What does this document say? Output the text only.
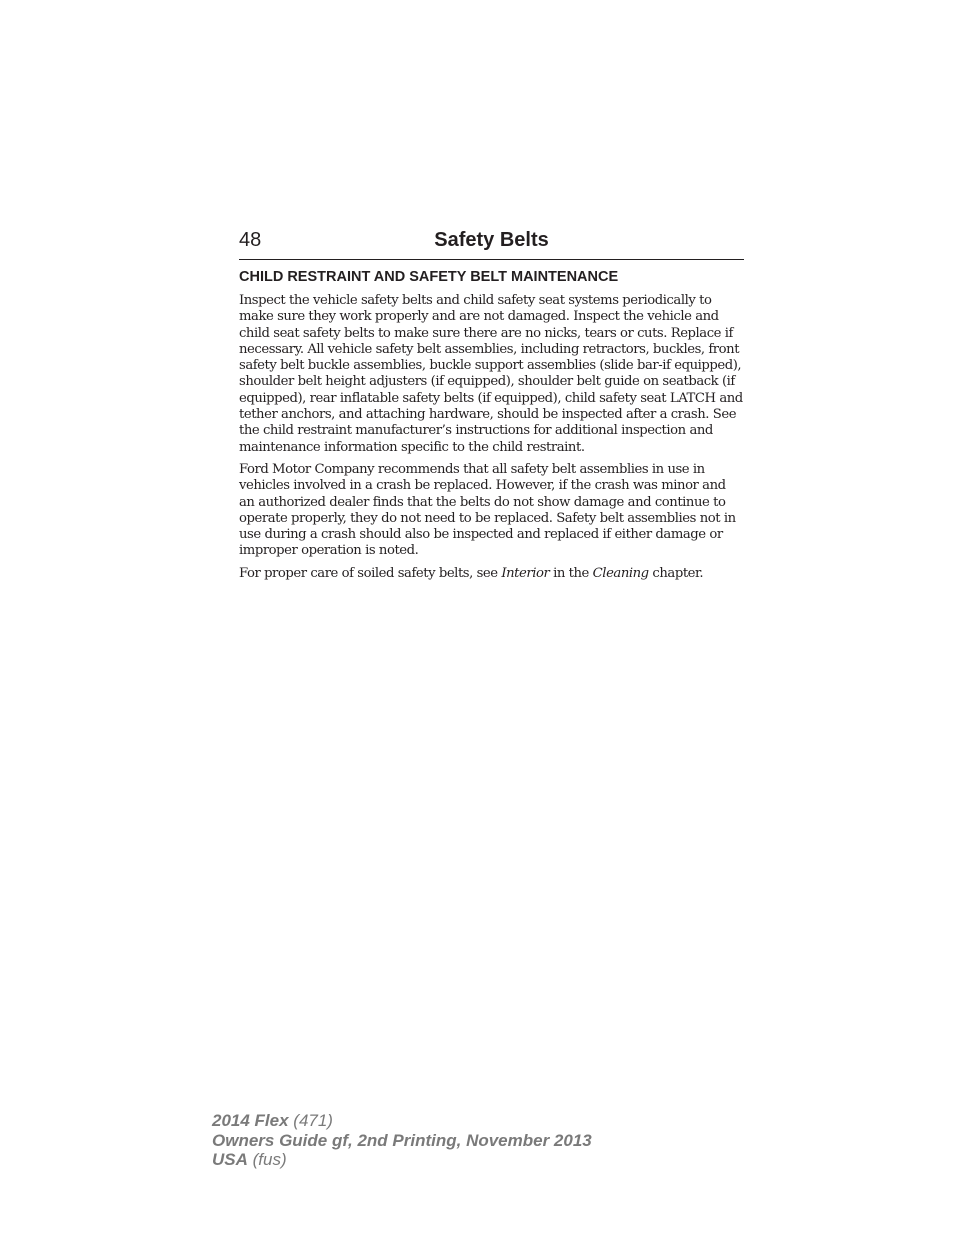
48	Safety Belts
CHILD RESTRAINT AND SAFETY BELT MAINTENANCE

Inspect the vehicle safety belts and child safety seat systems periodically to make sure they work properly and are not damaged. Inspect the vehicle and child seat safety belts to make sure there are no nicks, tears or cuts. Replace if necessary. All vehicle safety belt assemblies, including retractors, buckles, front safety belt buckle assemblies, buckle support assemblies (slide bar-if equipped), shoulder belt height adjusters (if equipped), shoulder belt guide on seatback (if equipped), rear inflatable safety belts (if equipped), child safety seat LATCH and tether anchors, and attaching hardware, should be inspected after a crash. See the child restraint manufacturer’s instructions for additional inspection and maintenance information specific to the child restraint.

Ford Motor Company recommends that all safety belt assemblies in use in vehicles involved in a crash be replaced. However, if the crash was minor and an authorized dealer finds that the belts do not show damage and continue to operate properly, they do not need to be replaced. Safety belt assemblies not in use during a crash should also be inspected and replaced if either damage or improper operation is noted.

For proper care of soiled safety belts, see Interior in the Cleaning chapter.

2014 Flex (471)
Owners Guide gf, 2nd Printing, November 2013
USA (fus)
